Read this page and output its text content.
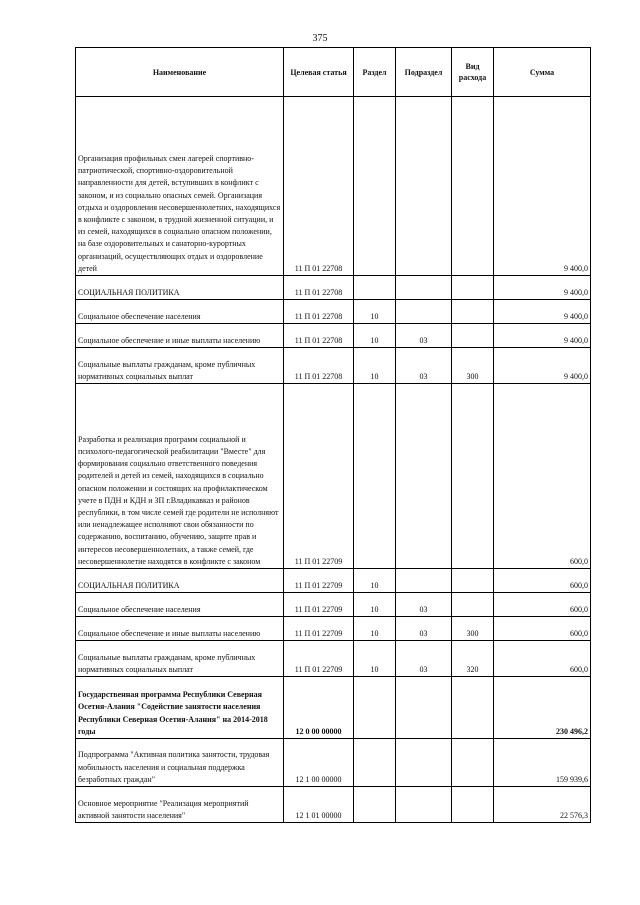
375
Наименование	Целевая статья	Раздел	Подраздел	Вид расхода	Сумма
Организация профильных смен лагерей спортивно-патриотической, спортивно-оздоровительной направленности для детей, вступивших в конфликт с законом, и из социально опасных семей. Организация отдыха и оздоровления несовершеннолетних, находящихся в конфликте с законом, в трудной жизненной ситуации, и из семей, находящихся в социально опасном положении, на базе оздоровительных и санаторно-курортных организаций, осуществляющих отдых и оздоровление детей	11 П 01 22708				9 400,0
СОЦИАЛЬНАЯ ПОЛИТИКА	11 П 01 22708				9 400,0
Социальное обеспечение населения	11 П 01 22708	10			9 400,0
Социальное обеспечение и иные выплаты населению	11 П 01 22708	10	03		9 400,0
Социальные выплаты гражданам, кроме публичных нормативных социальных выплат	11 П 01 22708	10	03	300	9 400,0
Разработка и реализация программ социальной и психолого-педагогической реабилитации "Вместе" для формирования социально ответственного поведения родителей и детей из семей, находящихся в социально опасном положении и состоящих на профилактическом учете в ПДН и КДН и ЗП г.Владикавказ и районов республики, в том числе семей где родители не исполняют или ненадлежащее исполняют свои обязанности по содержанию, воспитанию, обучению, защите прав и интересов несовершеннолетних, а также семей, где несовершеннолетие находятся в конфликте с законом	11 П 01 22709				600,0
СОЦИАЛЬНАЯ ПОЛИТИКА	11 П 01 22709	10			600,0
Социальное обеспечение населения	11 П 01 22709	10	03		600,0
Социальное обеспечение и иные выплаты населению	11 П 01 22709	10	03	300	600,0
Социальные выплаты гражданам, кроме публичных нормативных социальных выплат	11 П 01 22709	10	03	320	600,0
Государственная программа Республики Северная Осетия-Алания "Содействие занятости населения Республики Северная Осетия-Алания" на 2014-2018 годы	12 0 00 00000				230 496,2
Подпрограмма "Активная политика занятости, трудовая мобильность населения и социальная поддержка безработных граждан"	12 1 00 00000				159 939,6
Основное мероприятие "Реализация мероприятий активной занятости населения"	12 1 01 00000				22 576,3
